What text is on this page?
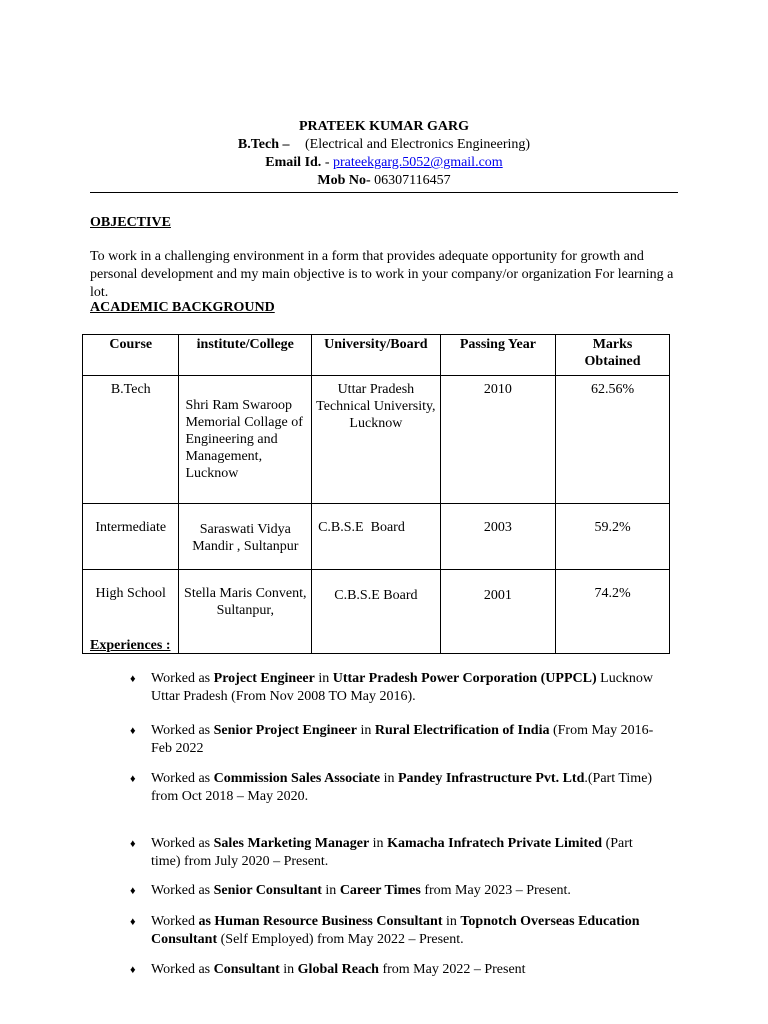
PRATEEK KUMAR GARG
B.Tech – (Electrical and Electronics Engineering)
Email Id. - prateekgarg.5052@gmail.com
Mob No- 06307116457
OBJECTIVE
To work in a challenging environment in a form that provides adequate opportunity for growth and personal development and my main objective is to work in your company/or organization For learning a lot.
ACADEMIC BACKGROUND
Course	institute/College	University/Board	Passing Year	Marks Obtained

B.Tech	Shri Ram Swaroop Memorial Collage of Engineering and Management, Lucknow	Uttar Pradesh Technical University, Lucknow	2010	62.56%
Intermediate	Saraswati Vidya Mandir , Sultanpur	C.B.S.E  Board	2003	59.2%
High School	Stella Maris Convent, Sultanpur,	C.B.S.E Board	2001	74.2%
Experiences :
♦ Worked as Project Engineer in Uttar Pradesh Power Corporation (UPPCL) Lucknow Uttar Pradesh (From Nov 2008 TO May 2016).
♦ Worked as Senior Project Engineer in Rural Electrification of India (From May 2016-Feb 2022
♦ Worked as Commission Sales Associate in Pandey Infrastructure Pvt. Ltd.(Part Time) from Oct 2018 – May 2020.
♦ Worked as Sales Marketing Manager in Kamacha Infratech Private Limited (Part time) from July 2020 – Present.
♦ Worked as Senior Consultant in Career Times from May 2023 – Present.
♦ Worked as Human Resource Business Consultant in Topnotch Overseas Education Consultant (Self Employed) from May 2022 – Present.
♦ Worked as Consultant in Global Reach from May 2022 – Present
